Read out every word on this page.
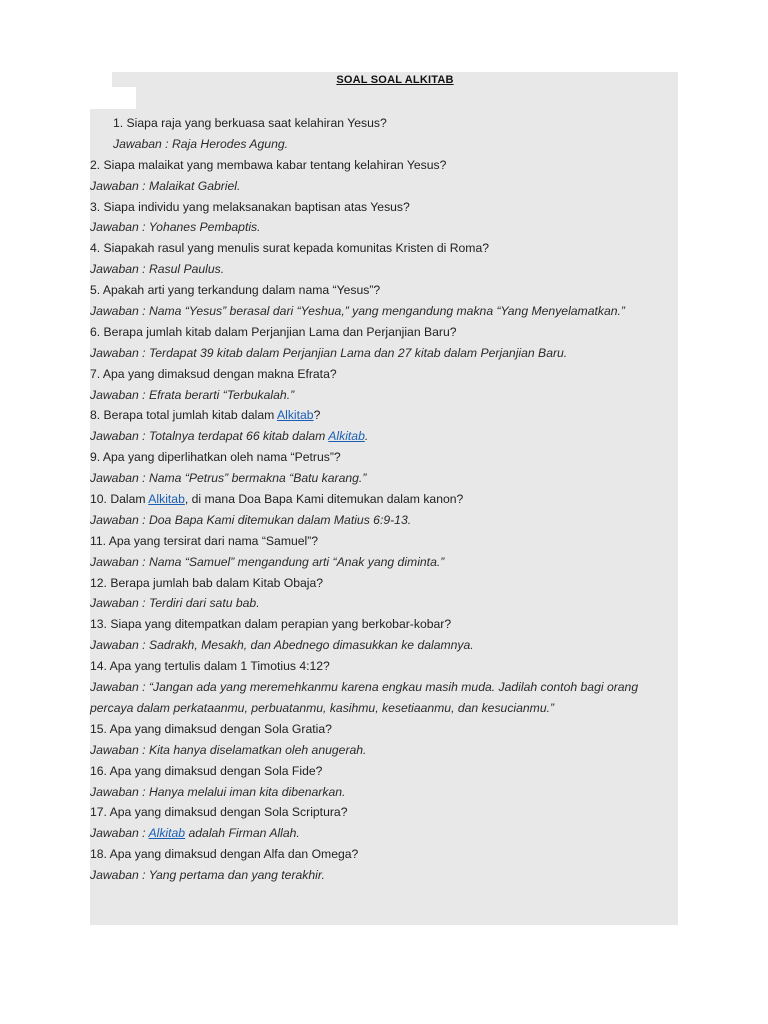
SOAL SOAL ALKITAB
1. Siapa raja yang berkuasa saat kelahiran Yesus?
Jawaban : Raja Herodes Agung.
2. Siapa malaikat yang membawa kabar tentang kelahiran Yesus?
Jawaban : Malaikat Gabriel.
3. Siapa individu yang melaksanakan baptisan atas Yesus?
Jawaban : Yohanes Pembaptis.
4. Siapakah rasul yang menulis surat kepada komunitas Kristen di Roma?
Jawaban : Rasul Paulus.
5. Apakah arti yang terkandung dalam nama “Yesus”?
Jawaban : Nama “Yesus” berasal dari “Yeshua,” yang mengandung makna “Yang Menyelamatkan.”
6. Berapa jumlah kitab dalam Perjanjian Lama dan Perjanjian Baru?
Jawaban : Terdapat 39 kitab dalam Perjanjian Lama dan 27 kitab dalam Perjanjian Baru.
7. Apa yang dimaksud dengan makna Efrata?
Jawaban : Efrata berarti “Terbukalah.”
8. Berapa total jumlah kitab dalam Alkitab?
Jawaban : Totalnya terdapat 66 kitab dalam Alkitab.
9. Apa yang diperlihatkan oleh nama “Petrus”?
Jawaban : Nama “Petrus” bermakna “Batu karang.”
10. Dalam Alkitab, di mana Doa Bapa Kami ditemukan dalam kanon?
Jawaban : Doa Bapa Kami ditemukan dalam Matius 6:9-13.
11. Apa yang tersirat dari nama “Samuel”?
Jawaban : Nama “Samuel” mengandung arti “Anak yang diminta.”
12. Berapa jumlah bab dalam Kitab Obaja?
Jawaban : Terdiri dari satu bab.
13. Siapa yang ditempatkan dalam perapian yang berkobar-kobar?
Jawaban : Sadrakh, Mesakh, dan Abednego dimasukkan ke dalamnya.
14. Apa yang tertulis dalam 1 Timotius 4:12?
Jawaban : “Jangan ada yang meremehkanmu karena engkau masih muda. Jadilah contoh bagi orang
percaya dalam perkataanmu, perbuatanmu, kasihmu, kesetiaanmu, dan kesucianmu.”
15. Apa yang dimaksud dengan Sola Gratia?
Jawaban : Kita hanya diselamatkan oleh anugerah.
16. Apa yang dimaksud dengan Sola Fide?
Jawaban : Hanya melalui iman kita dibenarkan.
17. Apa yang dimaksud dengan Sola Scriptura?
Jawaban : Alkitab adalah Firman Allah.
18. Apa yang dimaksud dengan Alfa dan Omega?
Jawaban : Yang pertama dan yang terakhir.
